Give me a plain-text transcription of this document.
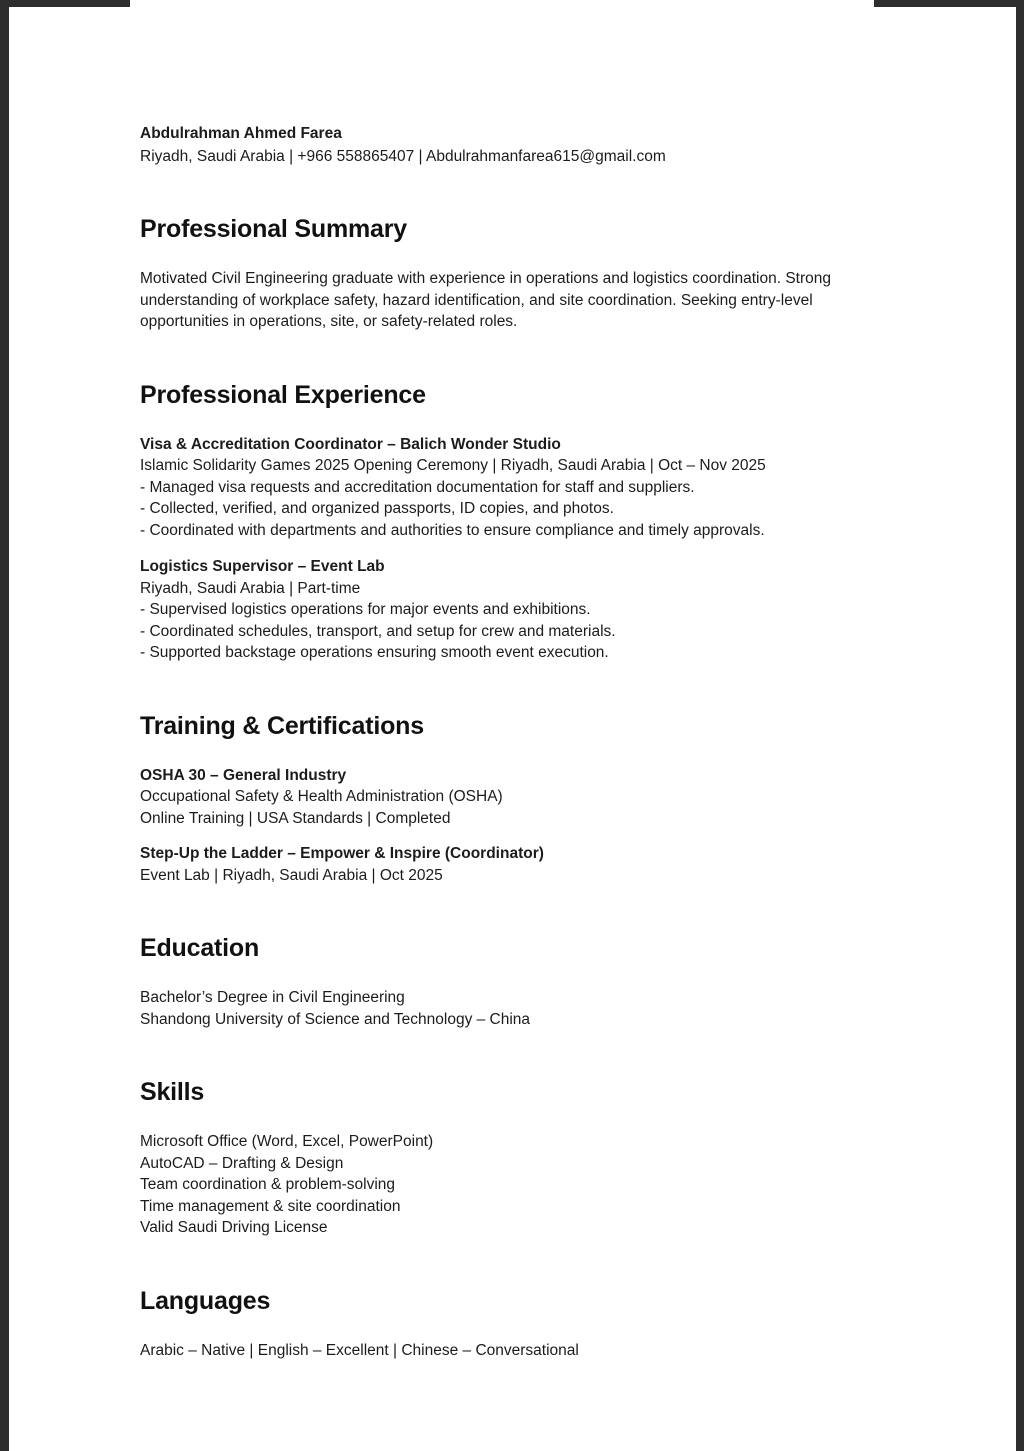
Abdulrahman Ahmed Farea
Riyadh, Saudi Arabia | +966 558865407 | Abdulrahmanfarea615@gmail.com
Professional Summary

Motivated Civil Engineering graduate with experience in operations and logistics coordination. Strong understanding of workplace safety, hazard identification, and site coordination. Seeking entry-level opportunities in operations, site, or safety-related roles.

Professional Experience
Visa & Accreditation Coordinator – Balich Wonder Studio
Islamic Solidarity Games 2025 Opening Ceremony | Riyadh, Saudi Arabia | Oct – Nov 2025
- Managed visa requests and accreditation documentation for staff and suppliers.
- Collected, verified, and organized passports, ID copies, and photos.
- Coordinated with departments and authorities to ensure compliance and timely approvals.
Logistics Supervisor – Event Lab
Riyadh, Saudi Arabia | Part-time
- Supervised logistics operations for major events and exhibitions.
- Coordinated schedules, transport, and setup for crew and materials.
- Supported backstage operations ensuring smooth event execution.
Training & Certifications
OSHA 30 – General Industry
Occupational Safety & Health Administration (OSHA)
Online Training | USA Standards | Completed
Step-Up the Ladder – Empower & Inspire (Coordinator)
Event Lab | Riyadh, Saudi Arabia | Oct 2025
Education
Bachelor’s Degree in Civil Engineering
Shandong University of Science and Technology – China
Skills
Microsoft Office (Word, Excel, PowerPoint)
AutoCAD – Drafting & Design
Team coordination & problem-solving
Time management & site coordination
Valid Saudi Driving License
Languages
Arabic – Native | English – Excellent | Chinese – Conversational
